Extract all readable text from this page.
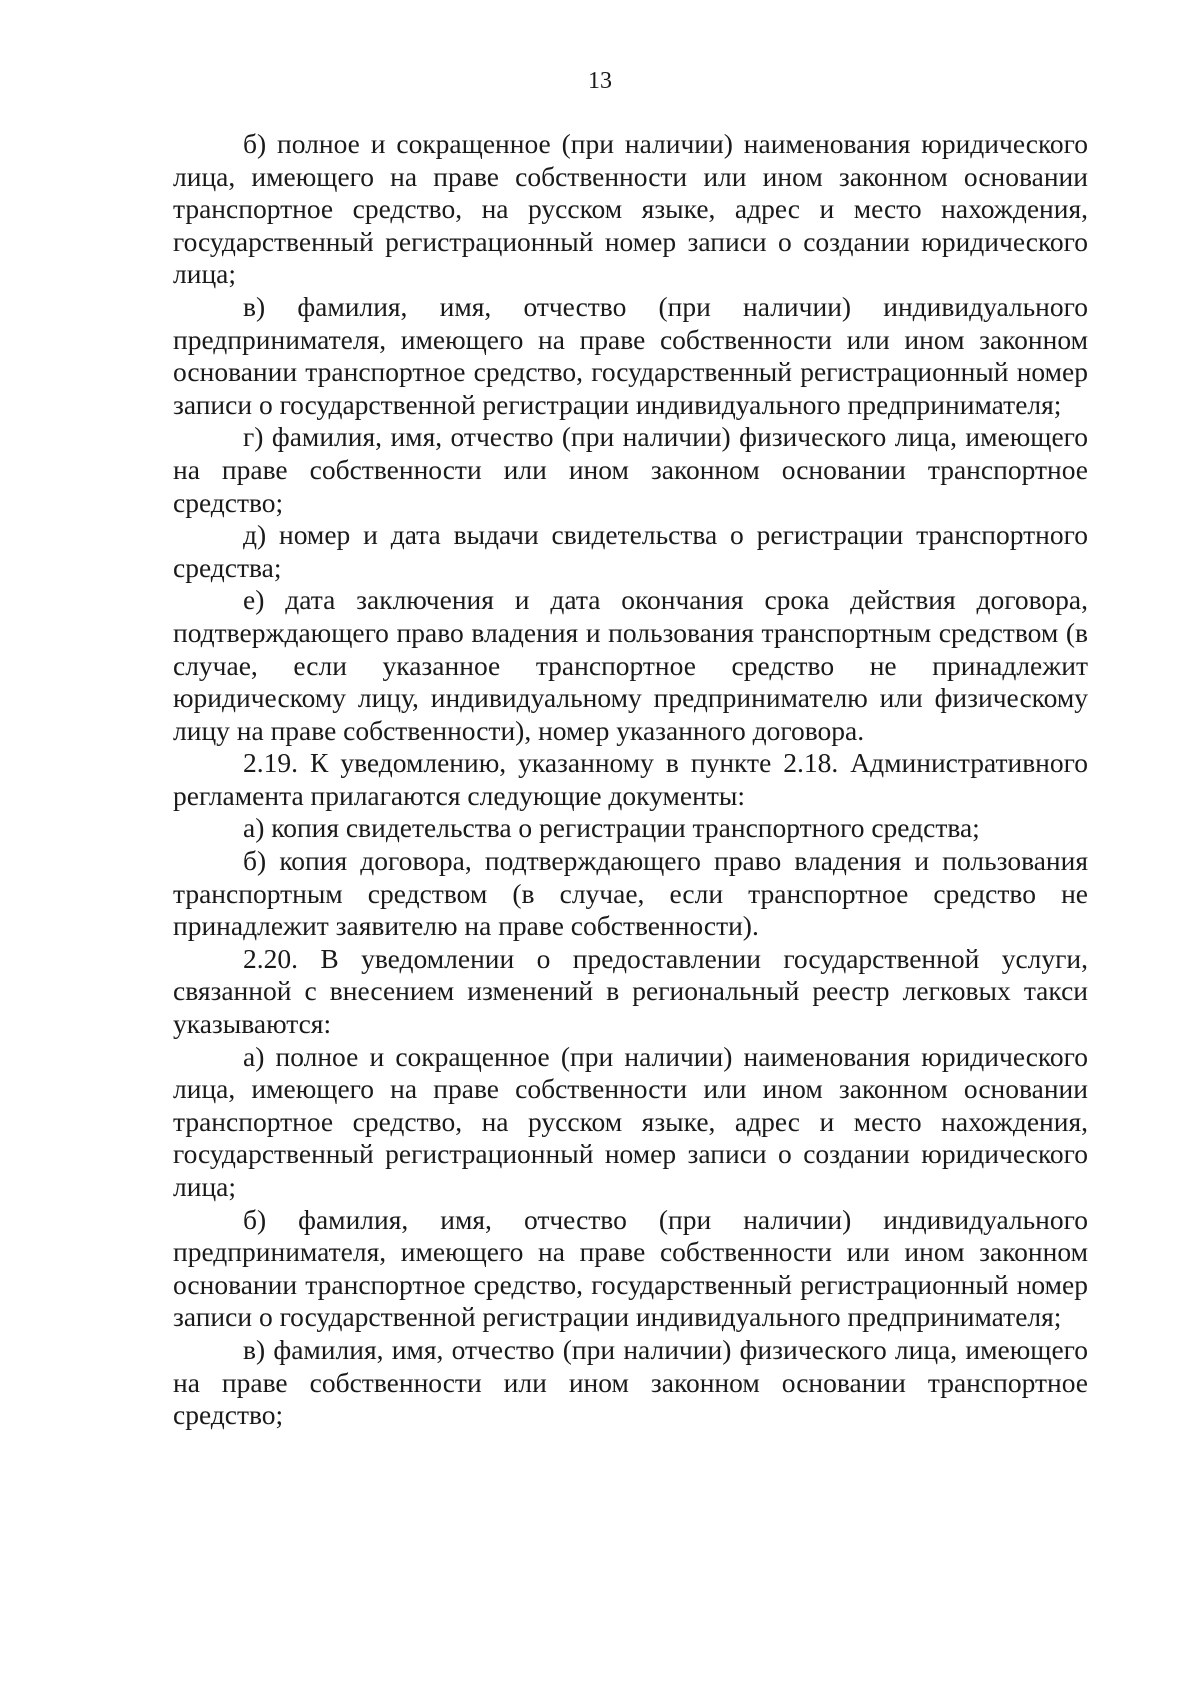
13

б) полное и сокращенное (при наличии) наименования юридического лица, имеющего на праве собственности или ином законном основании транспортное средство, на русском языке, адрес и место нахождения, государственный регистрационный номер записи о создании юридического лица;

в) фамилия, имя, отчество (при наличии) индивидуального предпринимателя, имеющего на праве собственности или ином законном основании транспортное средство, государственный регистрационный номер записи о государственной регистрации индивидуального предпринимателя;

г) фамилия, имя, отчество (при наличии) физического лица, имеющего на праве собственности или ином законном основании транспортное средство;

д) номер и дата выдачи свидетельства о регистрации транспортного средства;

е) дата заключения и дата окончания срока действия договора, подтверждающего право владения и пользования транспортным средством (в случае, если указанное транспортное средство не принадлежит юридическому лицу, индивидуальному предпринимателю или физическому лицу на праве собственности), номер указанного договора.

2.19. К уведомлению, указанному в пункте 2.18. Административного регламента прилагаются следующие документы:

а) копия свидетельства о регистрации транспортного средства;

б) копия договора, подтверждающего право владения и пользования транспортным средством (в случае, если транспортное средство не принадлежит заявителю на праве собственности).

2.20. В уведомлении о предоставлении государственной услуги, связанной с внесением изменений в региональный реестр легковых такси указываются:

а) полное и сокращенное (при наличии) наименования юридического лица, имеющего на праве собственности или ином законном основании транспортное средство, на русском языке, адрес и место нахождения, государственный регистрационный номер записи о создании юридического лица;

б) фамилия, имя, отчество (при наличии) индивидуального предпринимателя, имеющего на праве собственности или ином законном основании транспортное средство, государственный регистрационный номер записи о государственной регистрации индивидуального предпринимателя;

в) фамилия, имя, отчество (при наличии) физического лица, имеющего на праве собственности или ином законном основании транспортное средство;
